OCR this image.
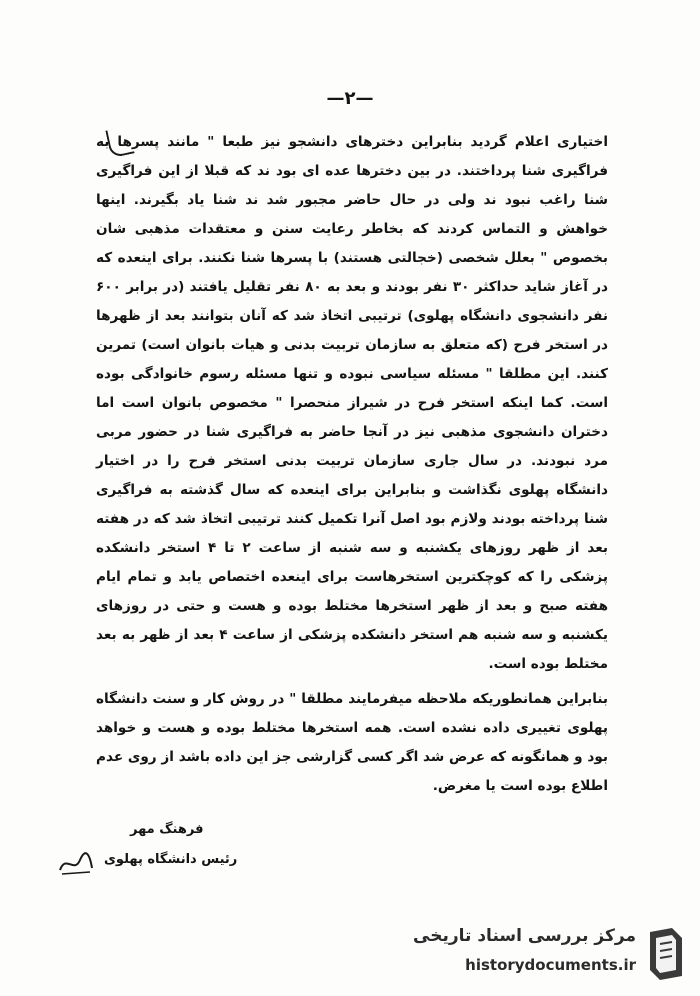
—۲—

اختیاری اعلام گردید بنابراین دخترهای دانشجو نیز طبعا " مانند پسرها به فراگیری شنا پرداختند. در بین دخترها عده ای بود ند که قبلا از این فراگیری شنا راغب نبود ند ولی در حال حاضر مجبور شد ند شنا یاد بگیرند. اینها خواهش و التماس کردند که بخاطر رعایت سنن و معتقدات مذهبی شان بخصوص " بعلل شخصی (خجالتی هستند) با پسرها شنا نکنند. برای اینعده که در آغاز شاید حداکثر ۳۰ نفر بودند و بعد به ۸۰ نفر تقلیل یافتند (در برابر ۶۰۰ نفر دانشجوی دانشگاه پهلوی) ترتیبی اتخاذ شد که آنان بتوانند بعد از ظهرها در استخر فرح (که متعلق به سازمان تربیت بدنی و هیات بانوان است) تمرین کنند. این مطلقا " مسئله سیاسی نبوده و تنها مسئله رسوم خانوادگی بوده است. کما اینکه استخر فرح در شیراز منحصرا " مخصوص بانوان است اما دختران دانشجوی مذهبی نیز در آنجا حاضر به فراگیری شنا در حضور مربی مرد نبودند. در سال جاری سازمان تربیت بدنی استخر فرح را در اختیار دانشگاه پهلوی نگذاشت و بنابراین برای اینعده که سال گذشته به فراگیری شنا پرداخته بودند ولازم بود اصل آنرا تکمیل کنند ترتیبی اتخاذ شد که در هفته بعد از ظهر روزهای یکشنبه و سه شنبه از ساعت ۲ تا ۴ استخر دانشکده پزشکی را که کوچکترین استخرهاست برای اینعده اختصاص یابد و تمام ایام هفته صبح و بعد از ظهر استخرها مختلط بوده و هست و حتی در روزهای یکشنبه و سه شنبه هم استخر دانشکده پزشکی از ساعت ۴ بعد از ظهر به بعد مختلط بوده است.

بنابراین همانطوریکه ملاحظه میفرمایند مطلقا " در روش کار و سنت دانشگاه پهلوی تغییری داده نشده است. همه استخرها مختلط بوده و هست و خواهد بود و همانگونه که عرض شد اگر کسی گزارشی جز این داده باشد از روی عدم اطلاع بوده است یا مغرض.

فرهنگ مهر
رئیس دانشگاه پهلوی
مرکز بررسی اسناد تاریخی
historydocuments.ir
